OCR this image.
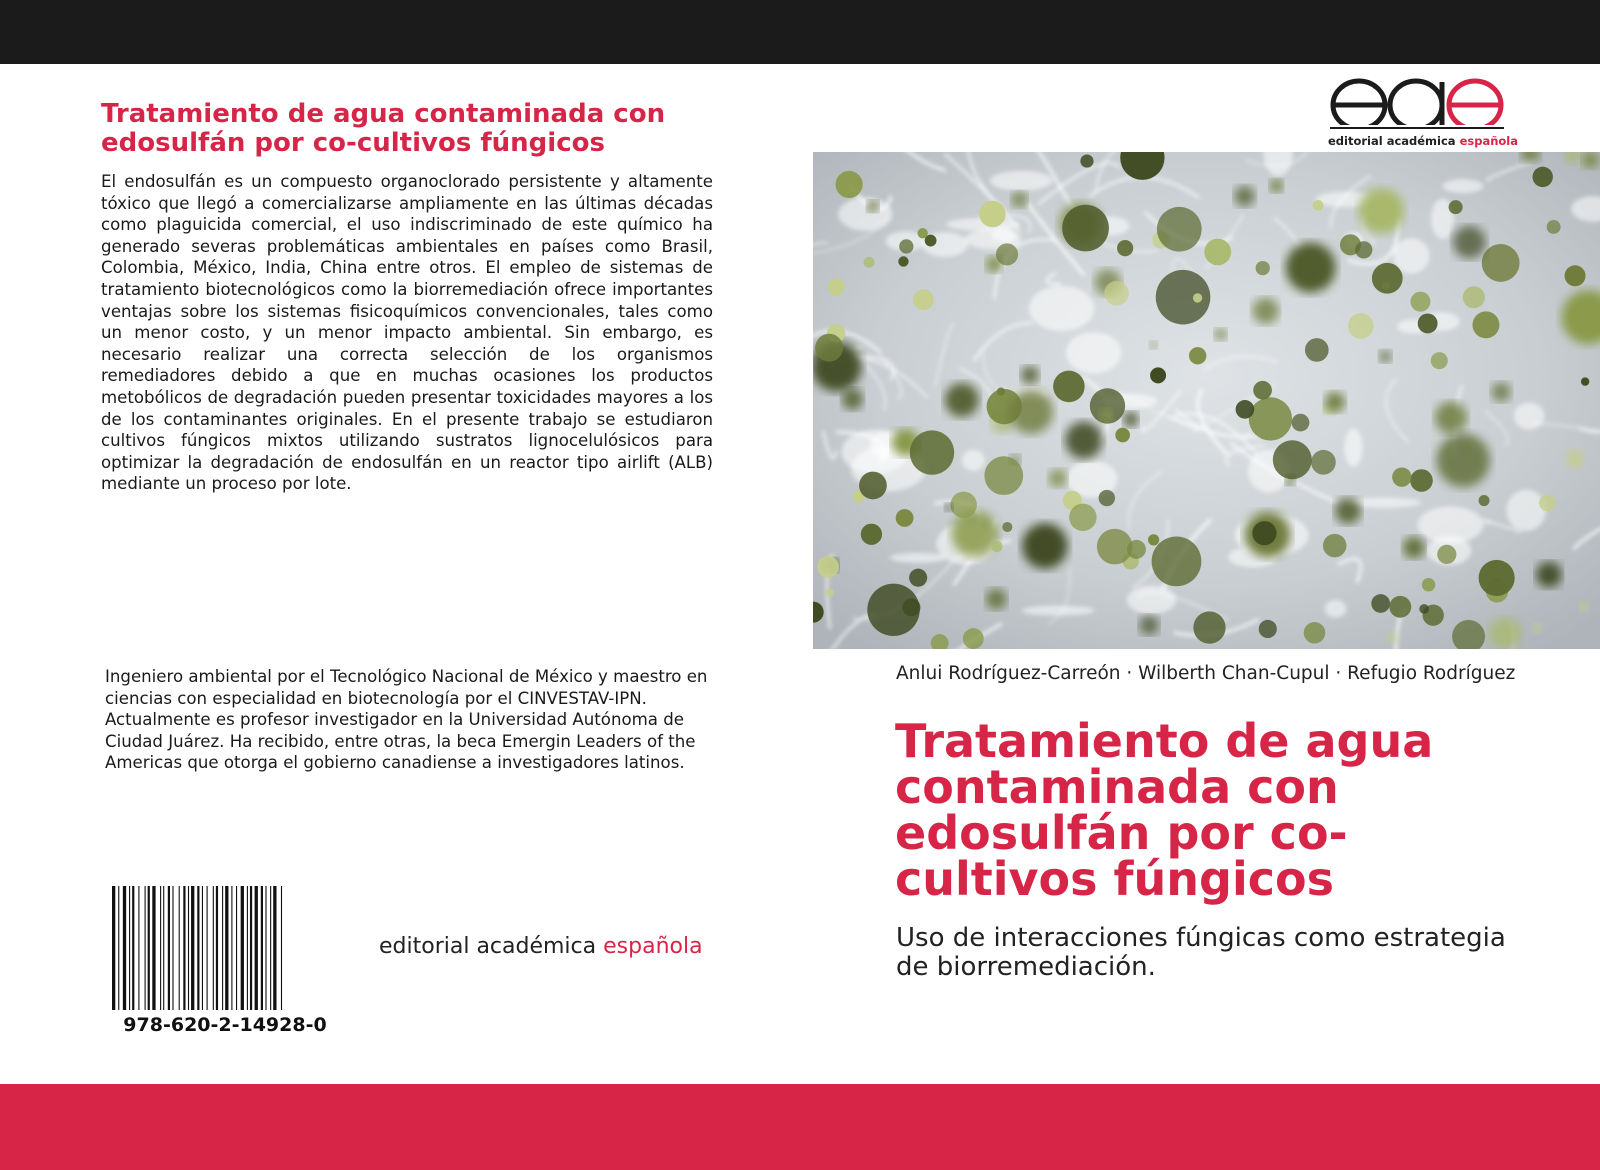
Tratamiento de agua contaminada con edosulfán por co-cultivos fúngicos

El endosulfán es un compuesto organoclorado persistente y altamente tóxico que llegó a comercializarse ampliamente en las últimas décadas como plaguicida comercial, el uso indiscriminado de este químico ha generado severas problemáticas ambientales en países como Brasil, Colombia, México, India, China entre otros. El empleo de sistemas de tratamiento biotecnológicos como la biorremediación ofrece importantes ventajas sobre los sistemas fisicoquímicos convencionales, tales como un menor costo, y un menor impacto ambiental. Sin embargo, es necesario realizar una correcta selección de los organismos remediadores debido a que en muchas ocasiones los productos metobólicos de degradación pueden presentar toxicidades mayores a los de los contaminantes originales. En el presente trabajo se estudiaron cultivos fúngicos mixtos utilizando sustratos lignocelulósicos para optimizar la degradación de endosulfán en un reactor tipo airlift (ALB) mediante un proceso por lote.

Ingeniero ambiental por el Tecnológico Nacional de México y maestro en ciencias con especialidad en biotecnología por el CINVESTAV-IPN. Actualmente es profesor investigador en la Universidad Autónoma de Ciudad Juárez. Ha recibido, entre otras, la beca Emergin Leaders of the Americas que otorga el gobierno canadiense a investigadores latinos.

978-620-2-14928-0
editorial académica española
editorial académica española
Anlui Rodríguez-Carreón · Wilberth Chan-Cupul · Refugio Rodríguez
Tratamiento de agua contaminada con edosulfán por co-cultivos fúngicos
Uso de interacciones fúngicas como estrategia de biorremediación.
